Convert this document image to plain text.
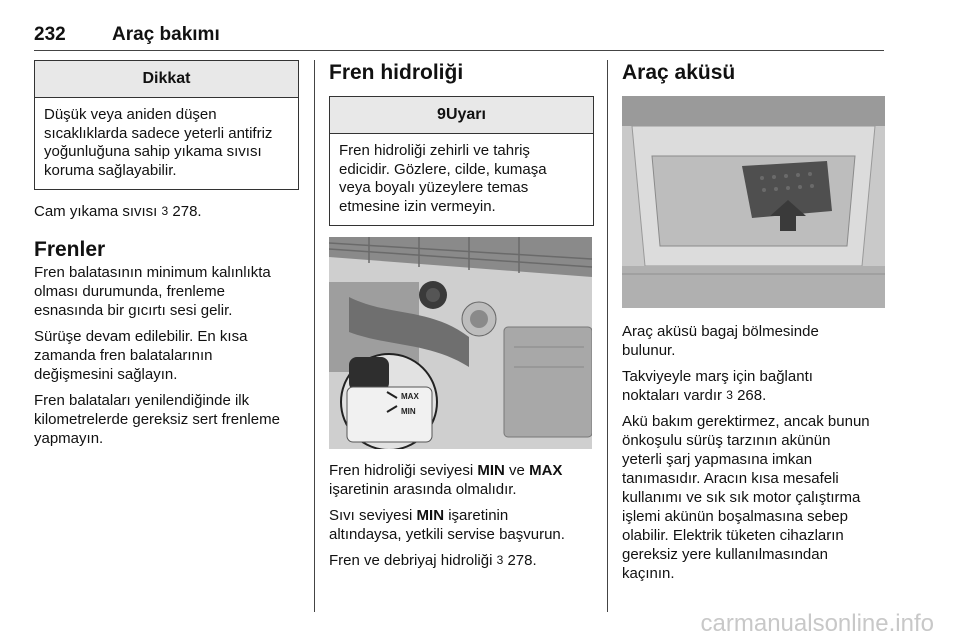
232 Araç bakımı
Dikkat
Düşük veya aniden düşen
sıcaklıklarda sadece yeterli antifriz
yoğunluğuna sahip yıkama sıvısı
koruma sağlayabilir.

Cam yıkama sıvısı 3 278.

Frenler

Fren balatasının minimum kalınlıkta
olması durumunda, frenleme
esnasında bir gıcırtı sesi gelir.

Sürüşe devam edilebilir. En kısa
zamanda fren balatalarının
değişmesini sağlayın.

Fren balataları yenilendiğinde ilk
kilometrelerde gereksiz sert frenleme
yapmayın.

Fren hidroliği
9Uyarı
Fren hidroliği zehirli ve tahriş
edicidir. Gözlere, cilde, kumaşa
veya boyalı yüzeylere temas
etmesine izin vermeyin.
MAX
MIN

Fren hidroliği seviyesi MIN ve MAX
işaretinin arasında olmalıdır.

Sıvı seviyesi MIN işaretinin
altındaysa, yetkili servise başvurun.

Fren ve debriyaj hidroliği 3 278.

Araç aküsü

Araç aküsü bagaj bölmesinde
bulunur.

Takviyeyle marş için bağlantı
noktaları vardır 3 268.

Akü bakım gerektirmez, ancak bunun
önkoşulu sürüş tarzının akünün
yeterli şarj yapmasına imkan
tanımasıdır. Aracın kısa mesafeli
kullanımı ve sık sık motor çalıştırma
işlemi akünün boşalmasına sebep
olabilir. Elektrik tüketen cihazların
gereksiz yere kullanılmasından
kaçının.

carmanualsonline.info
